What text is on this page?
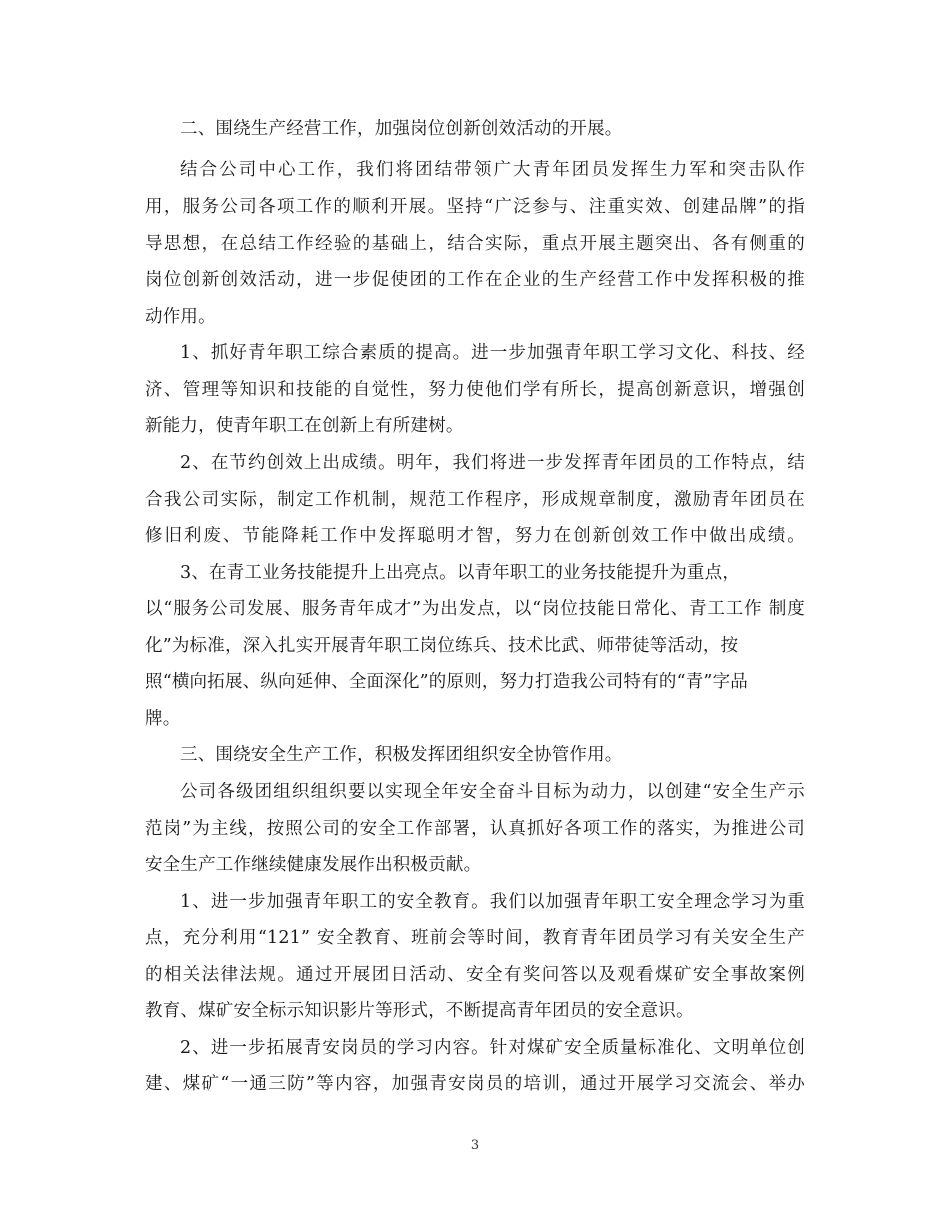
二、围绕生产经营工作，加强岗位创新创效活动的开展。
结合公司中心工作，我们将团结带领广大青年团员发挥生力军和突击队作
用，服务公司各项工作的顺利开展。坚持“广泛参与、注重实效、创建品牌”的指
导思想，在总结工作经验的基础上，结合实际，重点开展主题突出、各有侧重的
岗位创新创效活动，进一步促使团的工作在企业的生产经营工作中发挥积极的推
动作用。
1、抓好青年职工综合素质的提高。进一步加强青年职工学习文化、科技、经
济、管理等知识和技能的自觉性，努力使他们学有所长，提高创新意识，增强创
新能力，使青年职工在创新上有所建树。
2、在节约创效上出成绩。明年，我们将进一步发挥青年团员的工作特点，结
合我公司实际，制定工作机制，规范工作程序，形成规章制度，激励青年团员在
修旧利废、节能降耗工作中发挥聪明才智，努力在创新创效工作中做出成绩。
3、在青工业务技能提升上出亮点。以青年职工的业务技能提升为重点，
以“服务公司发展、服务青年成才”为出发点，以“岗位技能日常化、青工工作 制度
化”为标准，深入扎实开展青年职工岗位练兵、技术比武、师带徒等活动，按
照“横向拓展、纵向延伸、全面深化”的原则，努力打造我公司特有的“青”字品
牌。
三、围绕安全生产工作，积极发挥团组织安全协管作用。
公司各级团组织组织要以实现全年安全奋斗目标为动力，以创建“安全生产示
范岗”为主线，按照公司的安全工作部署，认真抓好各项工作的落实，为推进公司
安全生产工作继续健康发展作出积极贡献。
1、进一步加强青年职工的安全教育。我们以加强青年职工安全理念学习为重
点，充分利用“121” 安全教育、班前会等时间，教育青年团员学习有关安全生产
的相关法律法规。通过开展团日活动、安全有奖问答以及观看煤矿安全事故案例
教育、煤矿安全标示知识影片等形式，不断提高青年团员的安全意识。
2、进一步拓展青安岗员的学习内容。针对煤矿安全质量标准化、文明单位创
建、煤矿“一通三防”等内容，加强青安岗员的培训，通过开展学习交流会、举办
3
